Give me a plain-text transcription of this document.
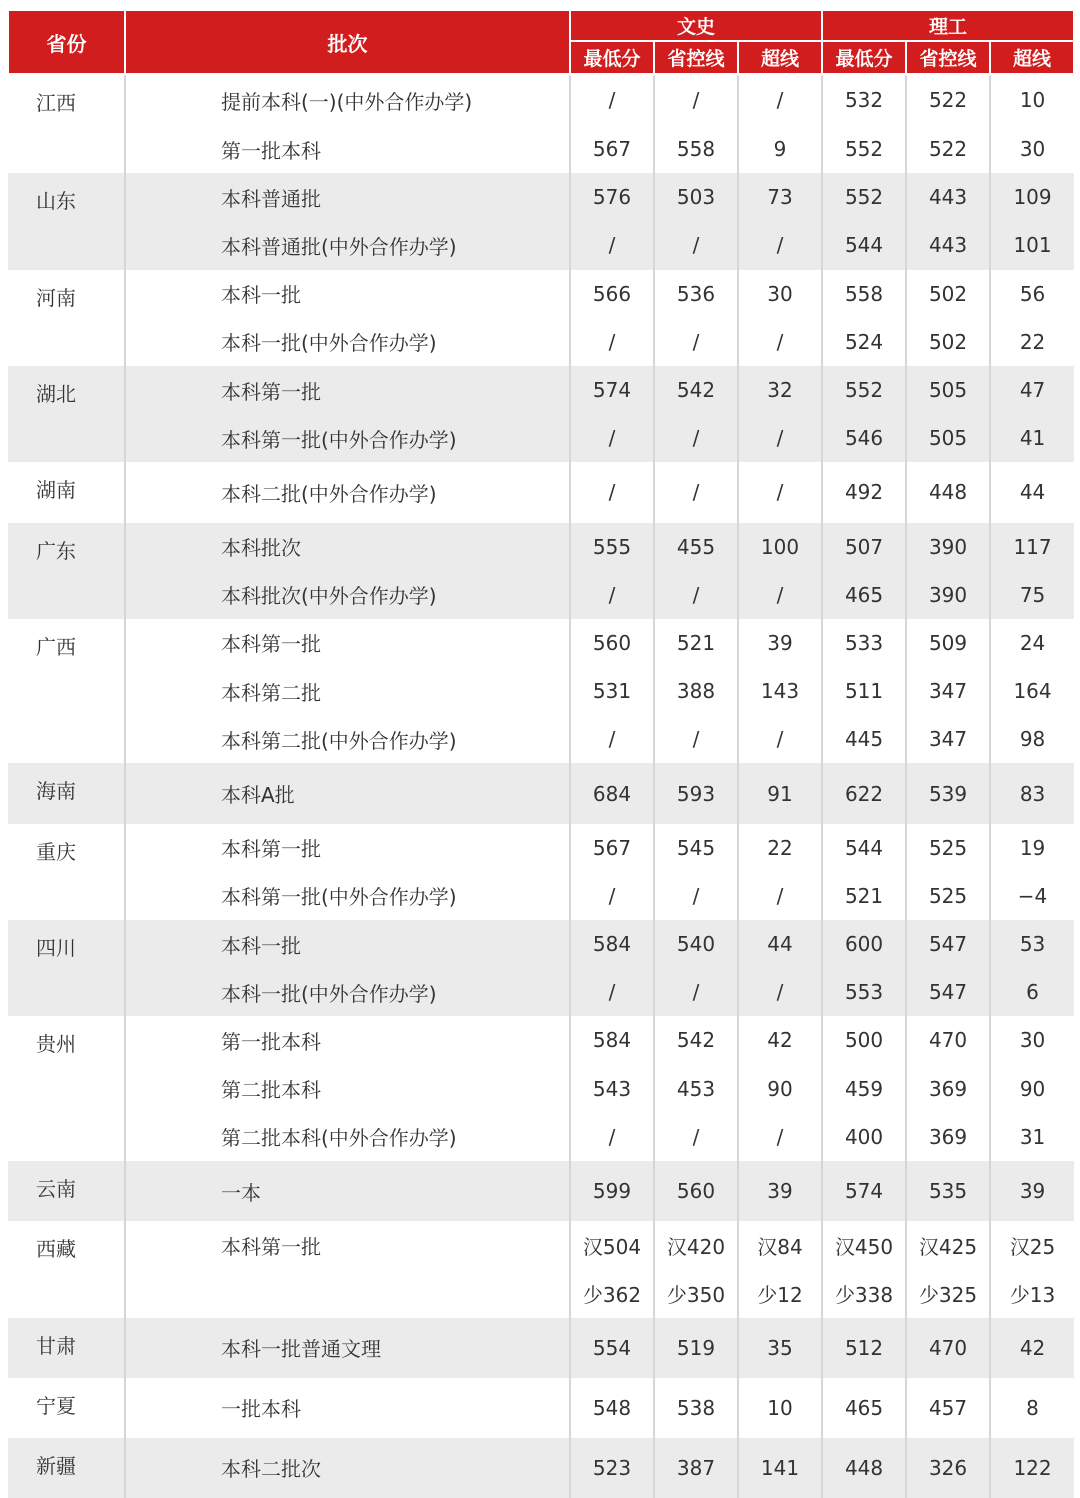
省份	批次	文史			理工		
		最低分	省控线	超线	最低分	省控线	超线
江西	提前本科(一)(中外合作办学)	/	/	/	532	522	10
	第一批本科	567	558	9	552	522	30
山东	本科普通批	576	503	73	552	443	109
	本科普通批(中外合作办学)	/	/	/	544	443	101
河南	本科一批	566	536	30	558	502	56
	本科一批(中外合作办学)	/	/	/	524	502	22
湖北	本科第一批	574	542	32	552	505	47
	本科第一批(中外合作办学)	/	/	/	546	505	41
湖南	本科二批(中外合作办学)	/	/	/	492	448	44
广东	本科批次	555	455	100	507	390	117
	本科批次(中外合作办学)	/	/	/	465	390	75
广西	本科第一批	560	521	39	533	509	24
	本科第二批	531	388	143	511	347	164
	本科第二批(中外合作办学)	/	/	/	445	347	98
海南	本科A批	684	593	91	622	539	83
重庆	本科第一批	567	545	22	544	525	19
	本科第一批(中外合作办学)	/	/	/	521	525	−4
四川	本科一批	584	540	44	600	547	53
	本科一批(中外合作办学)	/	/	/	553	547	6
贵州	第一批本科	584	542	42	500	470	30
	第二批本科	543	453	90	459	369	90
	第二批本科(中外合作办学)	/	/	/	400	369	31
云南	一本	599	560	39	574	535	39
西藏	本科第一批	汉504	汉420	汉84	汉450	汉425	汉25
		少362	少350	少12	少338	少325	少13
甘肃	本科一批普通文理	554	519	35	512	470	42
宁夏	一批本科	548	538	10	465	457	8
新疆	本科二批次	523	387	141	448	326	122
